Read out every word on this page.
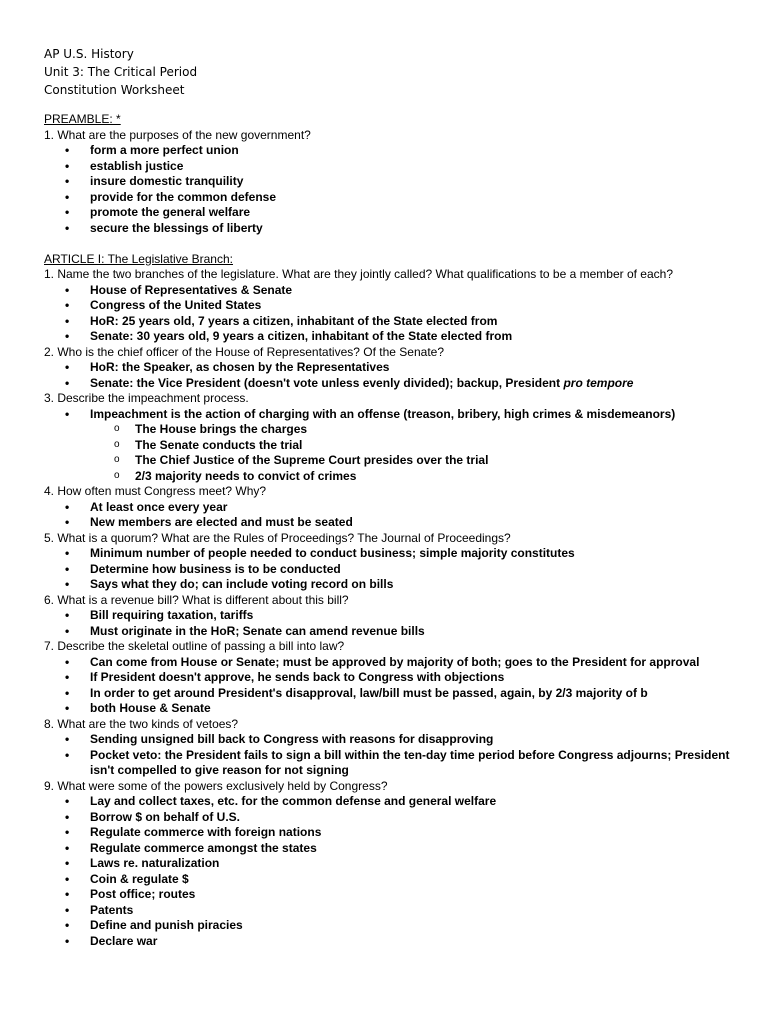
AP U.S. History
Unit 3: The Critical Period
Constitution Worksheet
PREAMBLE: *
1. What are the purposes of the new government?
• form a more perfect union
• establish justice
• insure domestic tranquility
• provide for the common defense
• promote the general welfare
• secure the blessings of liberty
ARTICLE I: The Legislative Branch:
1. Name the two branches of the legislature. What are they jointly called? What qualifications to be a member of each?
• House of Representatives & Senate
• Congress of the United States
• HoR: 25 years old, 7 years a citizen, inhabitant of the State elected from
• Senate: 30 years old, 9 years a citizen, inhabitant of the State elected from
2. Who is the chief officer of the House of Representatives? Of the Senate?
• HoR: the Speaker, as chosen by the Representatives
• Senate: the Vice President (doesn't vote unless evenly divided); backup, President pro tempore
3. Describe the impeachment process.
• Impeachment is the action of charging with an offense (treason, bribery, high crimes & misdemeanors)
o The House brings the charges
o The Senate conducts the trial
o The Chief Justice of the Supreme Court presides over the trial
o 2/3 majority needs to convict of crimes
4. How often must Congress meet? Why?
• At least once every year
• New members are elected and must be seated
5. What is a quorum? What are the Rules of Proceedings? The Journal of Proceedings?
• Minimum number of people needed to conduct business; simple majority constitutes
• Determine how business is to be conducted
• Says what they do; can include voting record on bills
6. What is a revenue bill? What is different about this bill?
• Bill requiring taxation, tariffs
• Must originate in the HoR; Senate can amend revenue bills
7. Describe the skeletal outline of passing a bill into law?
• Can come from House or Senate; must be approved by majority of both; goes to the President for approval
• If President doesn't approve, he sends back to Congress with objections
• In order to get around President's disapproval, law/bill must be passed, again, by 2/3 majority of b
• both House & Senate
8. What are the two kinds of vetoes?
• Sending unsigned bill back to Congress with reasons for disapproving
• Pocket veto: the President fails to sign a bill within the ten-day time period before Congress adjourns; President isn't compelled to give reason for not signing
9. What were some of the powers exclusively held by Congress?
• Lay and collect taxes, etc. for the common defense and general welfare
• Borrow $ on behalf of U.S.
• Regulate commerce with foreign nations
• Regulate commerce amongst the states
• Laws re. naturalization
• Coin & regulate $
• Post office; routes
• Patents
• Define and punish piracies
• Declare war
